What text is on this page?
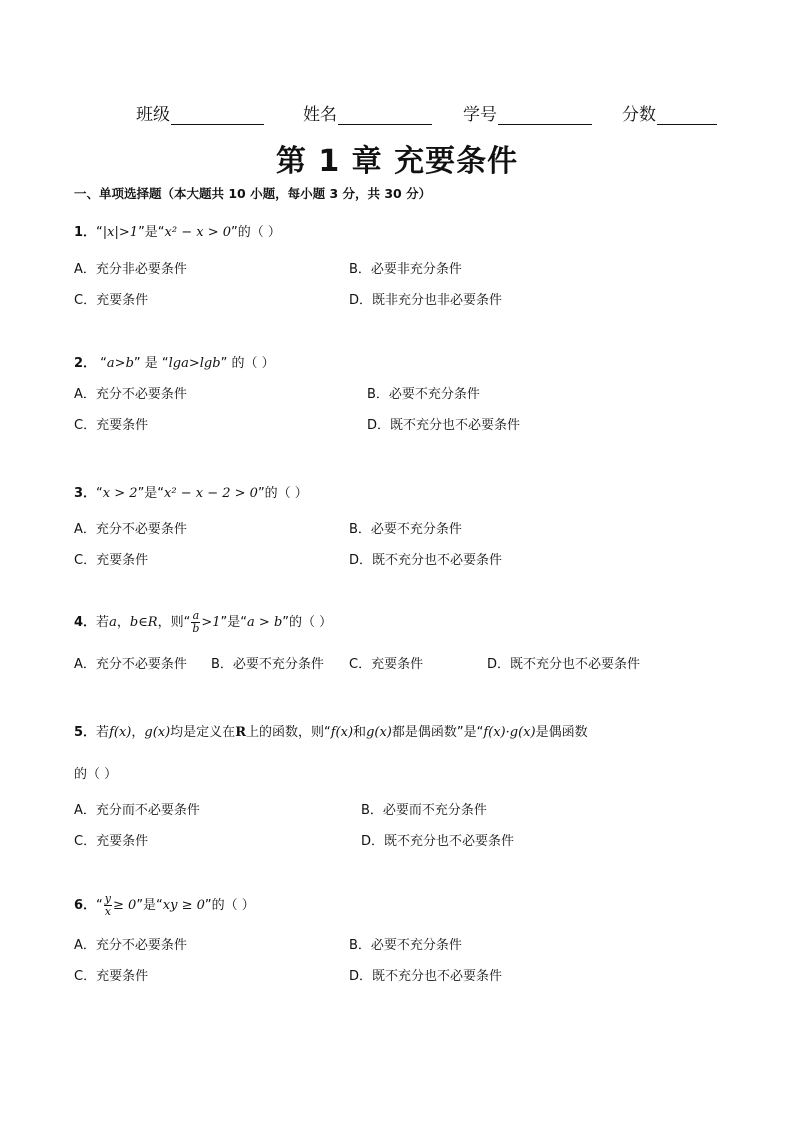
班级	姓名	学号	分数
第 1 章 充要条件
一、单项选择题（本大题共 10 小题，每小题 3 分，共 30 分）
1．“|x|>1”是“x² − x > 0”的（ ）
A．充分非必要条件	B．必要非充分条件
C．充要条件	D．既非充分也非必要条件
2． “a>b” 是 “lga>lgb” 的（ ）
A．充分不必要条件	B．必要不充分条件
C．充要条件	D．既不充分也不必要条件
3．“x > 2”是“x² − x − 2 > 0”的（ ）
A．充分不必要条件	B．必要不充分条件
C．充要条件	D．既不充分也不必要条件
4．若a，b∈R，则“ $\frac{a}{b} >1$”是“a > b”的（ ）
A．充分不必要条件 B．必要不充分条件 C．充要条件	D．既不充分也不必要条件
5．若f(x)，g(x)均是定义在R上的函数，则“f(x)和g(x)都是偶函数”是“f(x)·g(x)是偶函数
的（ ）
A．充分而不必要条件	B．必要而不充分条件
C．充要条件	D．既不充分也不必要条件
6．“ $\frac{y}{x} \ge 0$”是“xy ≥ 0”的（ ）
A．充分不必要条件	B．必要不充分条件
C．充要条件	D．既不充分也不必要条件
